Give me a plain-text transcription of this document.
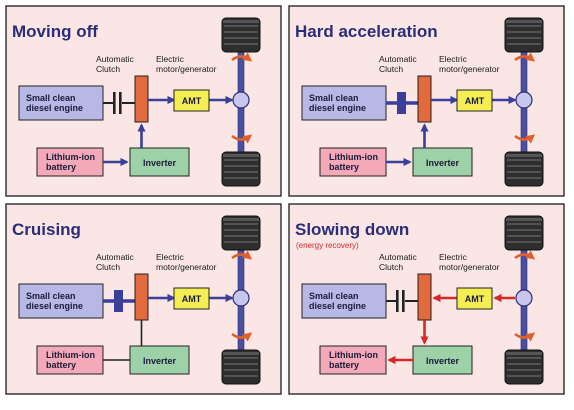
Moving off
Automatic Clutch
Electric motor/generator
Small clean diesel engine
AMT
Lithium-ion battery	Inverter
Hard acceleration
Automatic Clutch
Electric motor/generator
Small clean diesel engine
AMT
Lithium-ion battery	Inverter
Cruising
Automatic Clutch
Electric motor/generator
Small clean diesel engine
AMT
Lithium-ion battery	Inverter
Slowing down
(energy recovery)
Automatic Clutch
Electric motor/generator
Small clean diesel engine
AMT
Lithium-ion battery	Inverter
